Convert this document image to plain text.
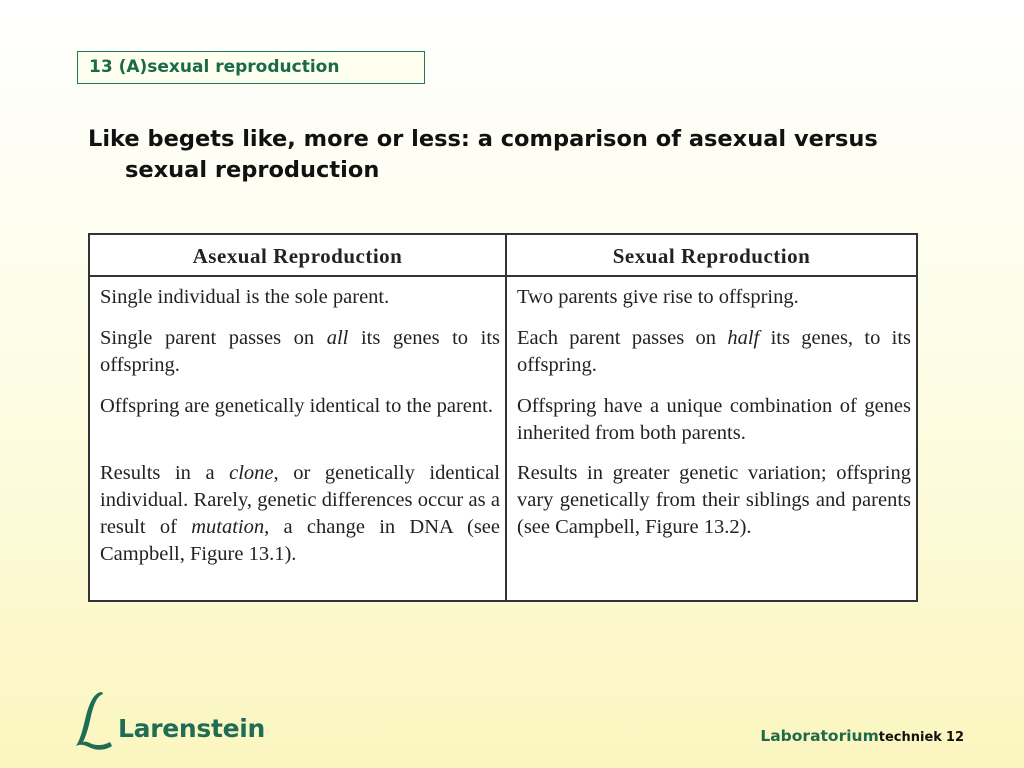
13 (A)sexual reproduction
Like begets like, more or less: a comparison of asexual versus sexual reproduction
Asexual Reproduction
Single individual is the sole parent.
Single parent passes on all its genes to its offspring.
Offspring are genetically identical to the parent.
Results in a clone, or genetically identical individual. Rarely, genetic differences occur as a result of mutation, a change in DNA (see Campbell, Figure 13.1).
Sexual Reproduction
Two parents give rise to offspring.
Each parent passes on half its genes, to its offspring.
Offspring have a unique combination of genes inherited from both parents.
Results in greater genetic variation; offspring vary genetically from their siblings and parents (see Campbell, Figure 13.2).
Larenstein	Laboratoriumtechniek 12
